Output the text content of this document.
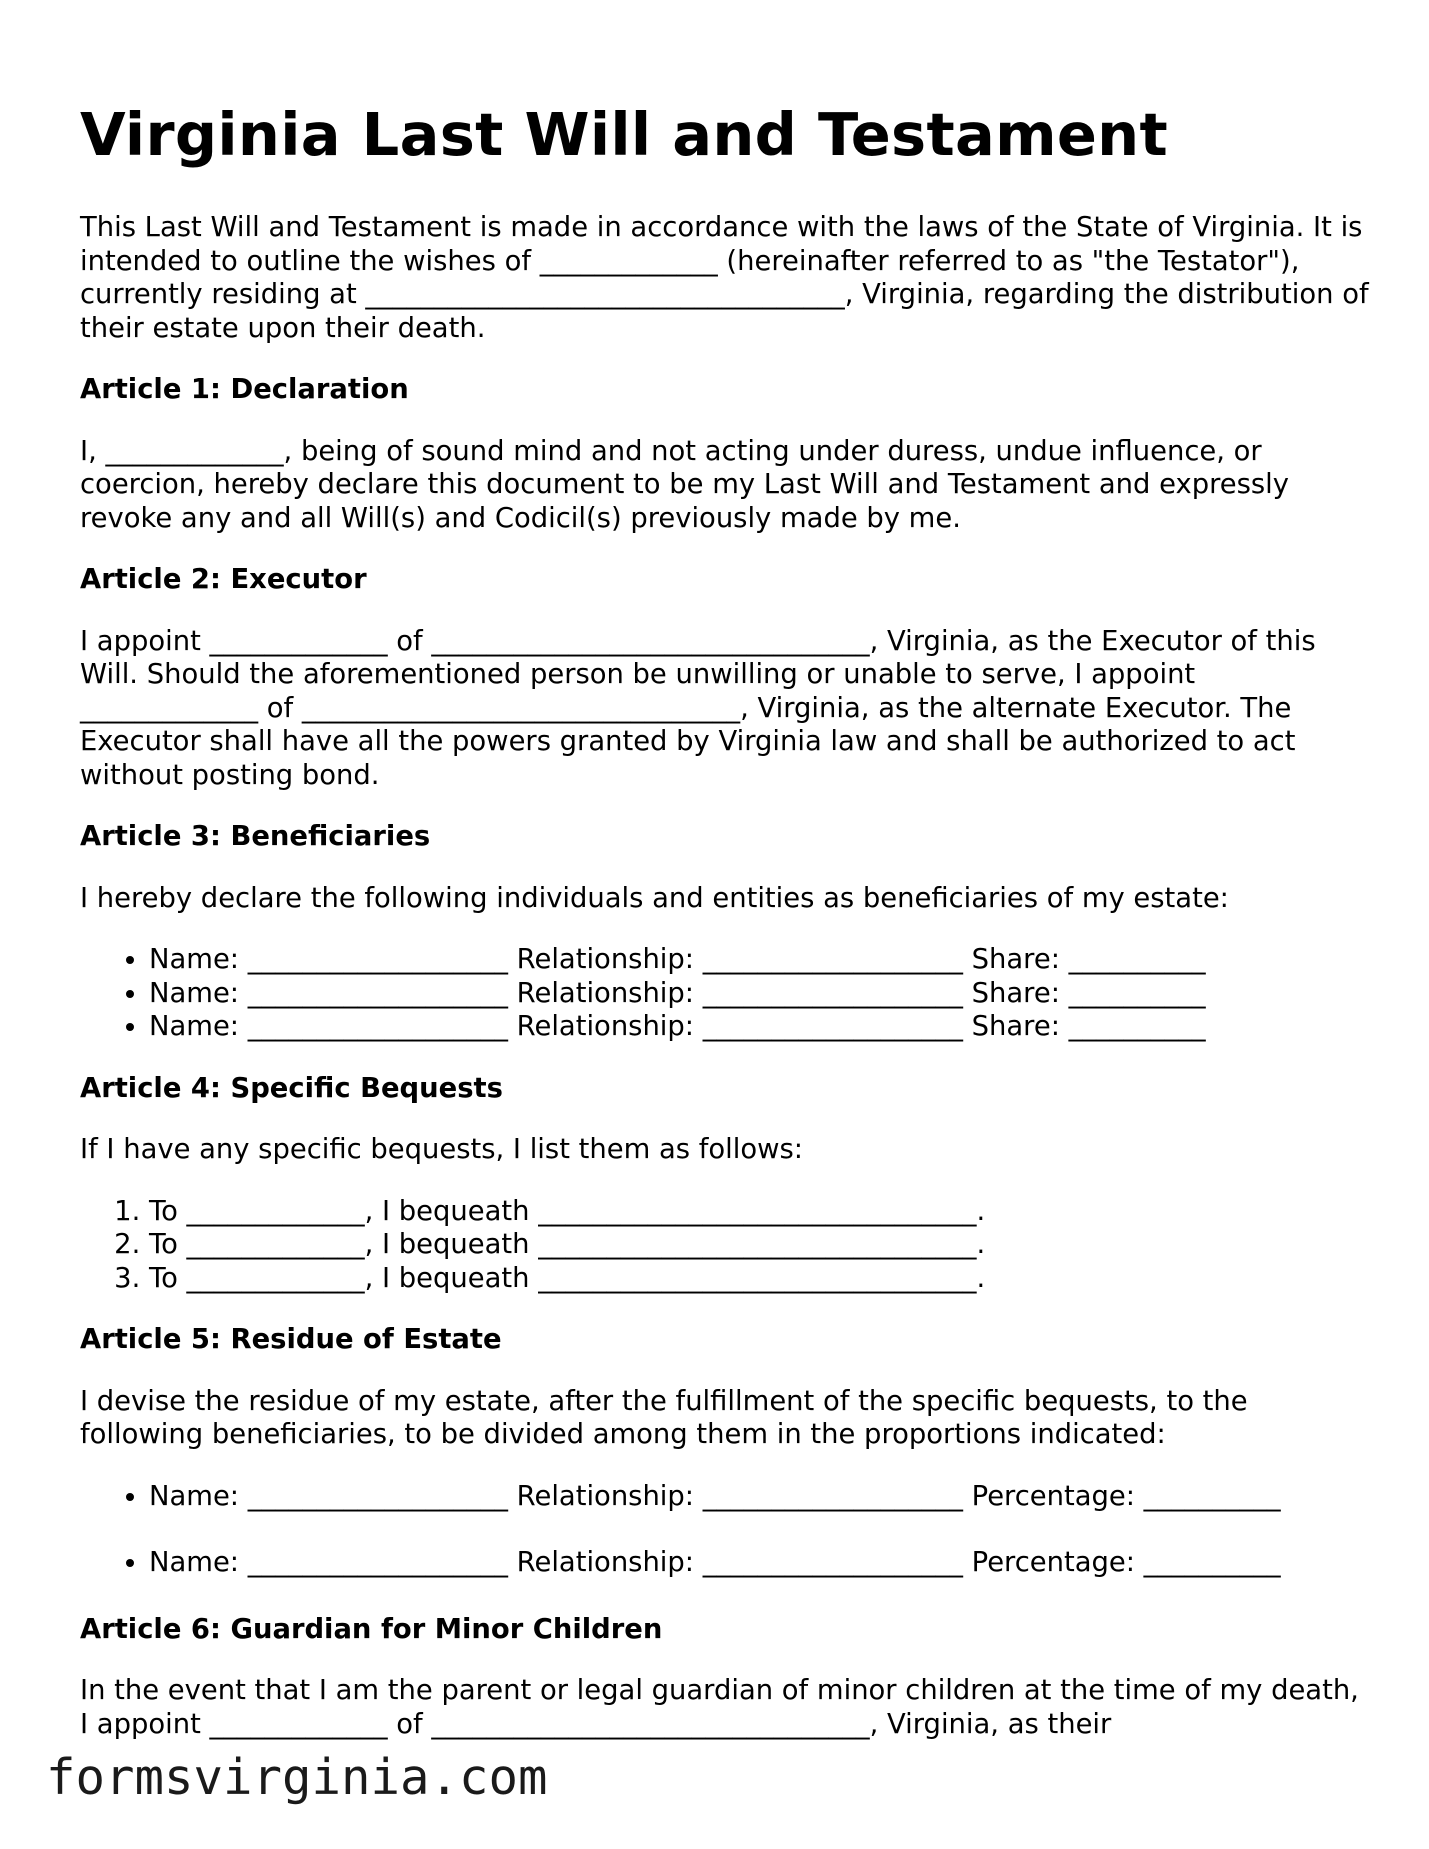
Virginia Last Will and Testament

This Last Will and Testament is made in accordance with the laws of the State of Virginia. It is intended to outline the wishes of _____________ (hereinafter referred to as "the Testator"), currently residing at ___________________________________, Virginia, regarding the distribution of their estate upon their death.

Article 1: Declaration

I, _____________, being of sound mind and not acting under duress, undue influence, or coercion, hereby declare this document to be my Last Will and Testament and expressly revoke any and all Will(s) and Codicil(s) previously made by me.

Article 2: Executor

I appoint _____________ of ________________________________, Virginia, as the Executor of this Will. Should the aforementioned person be unwilling or unable to serve, I appoint _____________ of ________________________________, Virginia, as the alternate Executor. The Executor shall have all the powers granted by Virginia law and shall be authorized to act without posting bond.

Article 3: Beneficiaries

I hereby declare the following individuals and entities as beneficiaries of my estate:

• Name: ___________________ Relationship: ___________________ Share: __________
• Name: ___________________ Relationship: ___________________ Share: __________
• Name: ___________________ Relationship: ___________________ Share: __________
Article 4: Specific Bequests

If I have any specific bequests, I list them as follows:

1. To _____________, I bequeath ________________________________.
2. To _____________, I bequeath ________________________________.
3. To _____________, I bequeath ________________________________.
Article 5: Residue of Estate

I devise the residue of my estate, after the fulfillment of the specific bequests, to the following beneficiaries, to be divided among them in the proportions indicated:

• Name: ___________________ Relationship: ___________________ Percentage: __________
• Name: ___________________ Relationship: ___________________ Percentage: __________
Article 6: Guardian for Minor Children

In the event that I am the parent or legal guardian of minor children at the time of my death, I appoint _____________ of ________________________________, Virginia, as their

formsvirginia.com
